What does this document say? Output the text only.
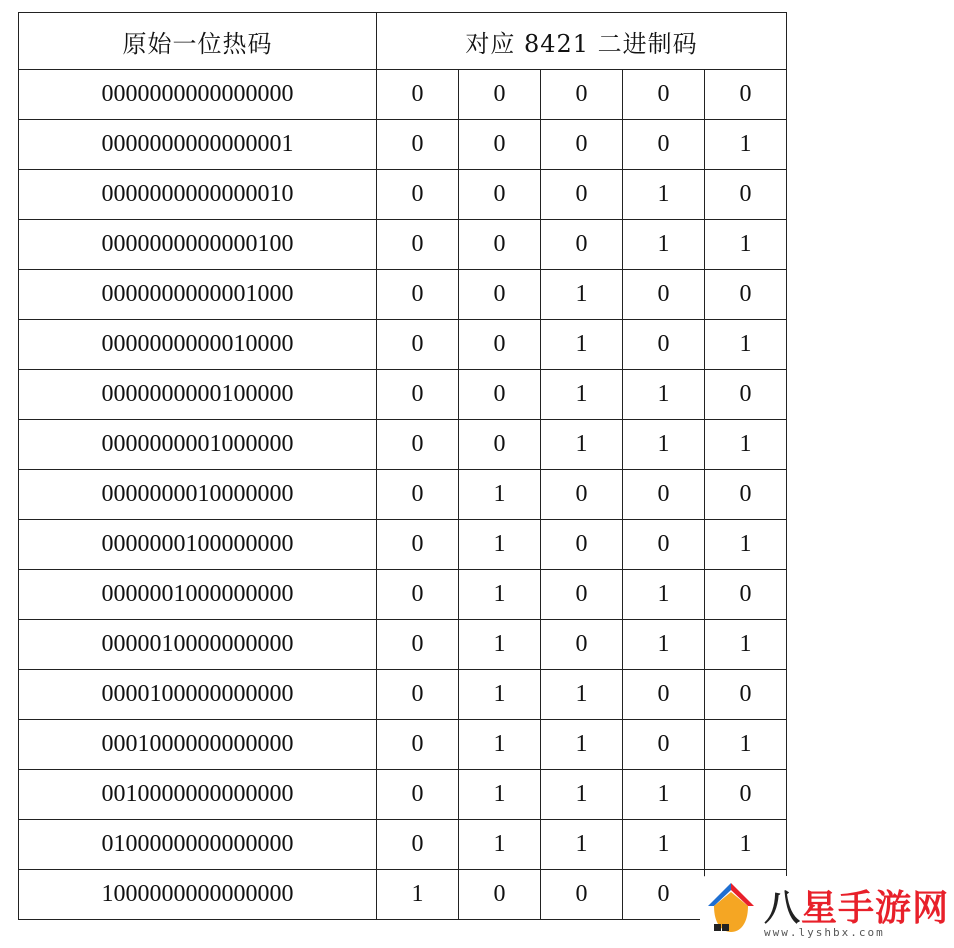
原始一位热码	对应 8421 二进制码				
0000000000000000	0	0	0	0	0
0000000000000001	0	0	0	0	1
0000000000000010	0	0	0	1	0
0000000000000100	0	0	0	1	1
0000000000001000	0	0	1	0	0
0000000000010000	0	0	1	0	1
0000000000100000	0	0	1	1	0
0000000001000000	0	0	1	1	1
0000000010000000	0	1	0	0	0
0000000100000000	0	1	0	0	1
0000001000000000	0	1	0	1	0
0000010000000000	0	1	0	1	1
0000100000000000	0	1	1	0	0
0001000000000000	0	1	1	0	1
0010000000000000	0	1	1	1	0
0100000000000000	0	1	1	1	1
1000000000000000	1	0	0	0		八星手游网
www.lyshbx.com
